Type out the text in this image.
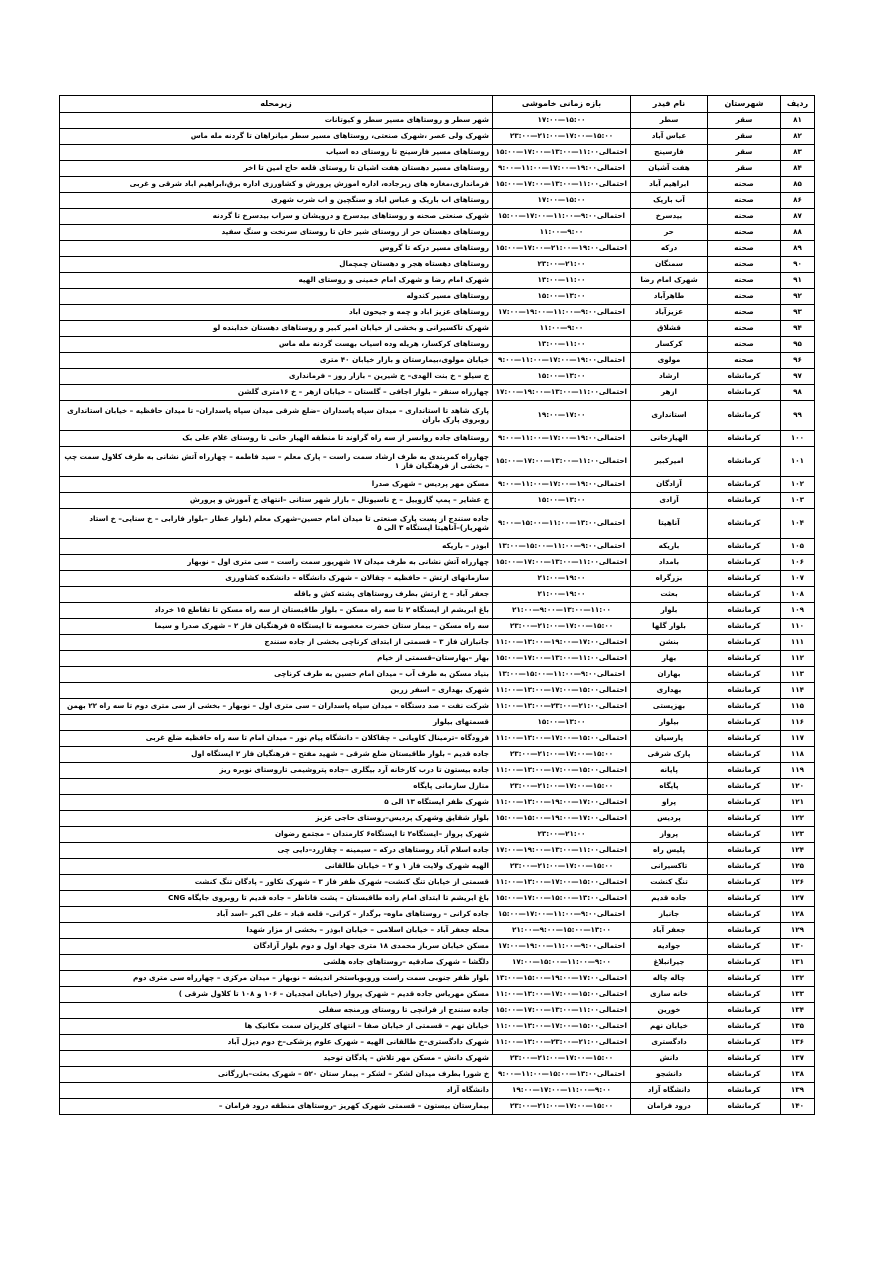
ردیف	شهرستان	نام فیدر	بازه زمانی خاموشی	زیرمحله
۸۱	سقر	سطر	۱۵:۰۰—۱۷:۰۰	شهر سطر و روستاهای مسیر سطر و کیوتانات
۸۲	سقر	عباس آباد	۱۵:۰۰—۱۷:۰۰—۲۱:۰۰—۲۳:۰۰	شهرک ولی عصر ،شهرک صنعتی، روستاهای مسیر سطر میانراهان تا گردنه مله ماس
۸۳	سقر	فارسینج	احتمالی۱۱:۰۰—۱۳:۰۰—۱۷:۰۰—۱۵:۰۰	روستاهای مسیر فارسینج تا روستای ده اسیاب
۸۴	سقر	هفت آشیان	احتمالی۱۹:۰۰—۱۷:۰۰—۱۱:۰۰—۹:۰۰	روستاهای مسیر دهستان هفت اشیان تا روستای قلعه حاج امین تا اخر
۸۵	صحنه	ابراهیم آباد	احتمالی۱۱:۰۰—۱۳:۰۰—۱۷:۰۰—۱۵:۰۰	فرمانداری،مغازه های زیرجاده، اداره اموزش پرورش و کشاورزی اداره برق،ابراهیم اباد شرقی و غربی
۸۶	صحنه	آب باریک	۱۵:۰۰—۱۷:۰۰	روستاهای اب باریک و عباس اباد و سنگچین و اب شرب شهری
۸۷	صحنه	بیدسرخ	احتمالی۹:۰۰—۱۱:۰۰—۱۷:۰۰—۱۵:۰۰	شهرک صنعتی صحنه و روستاهای بیدسرخ و درویشان و سراب بیدسرخ تا گردنه
۸۸	صحنه	حر	۹:۰۰—۱۱:۰۰	روستاهای دهستان حر از روستای شیر خان تا روستای سرنخت و سنگ سفید
۸۹	صحنه	درکه	احتمالی۱۹:۰۰—۲۱:۰۰—۱۷:۰۰—۱۵:۰۰	روستاهای مسیر درکه تا گروس
۹۰	صحنه	سمنگان	۲۱:۰۰—۲۳:۰۰	روستاهای دهستاه هجر و دهستان چمچمال
۹۱	صحنه	شهرک امام رضا	۱۱:۰۰—۱۳:۰۰	شهرک امام رضا و شهرک امام خمینی و روستای الهیه
۹۲	صحنه	طاهرآباد	۱۳:۰۰—۱۵:۰۰	روستاهای مسیر کندوله
۹۳	صحنه	عزیزآباد	احتمالی۹:۰۰—۱۱:۰۰—۱۹:۰۰—۱۷:۰۰	روستاهای عزیز اباد و چمه و جیحون اباد
۹۴	صحنه	قشلاق	۹:۰۰—۱۱:۰۰	شهرک تاکسیرانی و بخشی از خیابان امیر کبیر و روستاهای دهستان خدابنده لو
۹۵	صحنه	کرکسار	۱۱:۰۰—۱۳:۰۰	روستاهای کرکسار، هریله وده اسیاب بهست گردنه مله ماس
۹۶	صحنه	مولوی	احتمالی۱۹:۰۰—۱۷:۰۰—۱۱:۰۰—۹:۰۰	خیابان مولوی،بیمارستان و بازار خیابان ۴۰ متری
۹۷	کرمانشاه	ارشاد	۱۳:۰۰—۱۵:۰۰	خ سیلو – خ بنت الهدی– خ شیرین – بازار روز – فرمانداری
۹۸	کرمانشاه	ازهر	احتمالی۱۱:۰۰—۱۳:۰۰—۱۹:۰۰—۱۷:۰۰	چهارراه سنقر – بلوار اجاقی – گلستان – خیابان ازهر – خ ۱۶متری گلشن
۹۹	کرمانشاه	استانداری	۱۷:۰۰—۱۹:۰۰	پارک شاهد تا استانداری – میدان سپاه پاسداران –ضلع شرقی میدان سپاه پاسداران– تا میدان حافظیه – خیابان استانداری روبروی پارک باران
۱۰۰	کرمانشاه	الهیارخانی	احتمالی۱۹:۰۰—۱۷:۰۰—۱۱:۰۰—۹:۰۰	روستاهای جاده روانسر از سه راه گراوند تا منطقه الهیار خانی تا روستای غلام علی بک
۱۰۱	کرمانشاه	امیرکبیر	احتمالی۱۱:۰۰—۱۳:۰۰—۱۷:۰۰—۱۵:۰۰	چهارراه کمربندی به طرف ارشاد سمت راست – پارک معلم – سید فاطمه – چهارراه آتش نشانی به طرف کلاول سمت چپ – بخشی از فرهنگیان فاز ۱
۱۰۲	کرمانشاه	آزادگان	احتمالی۱۹:۰۰—۱۷:۰۰—۱۱:۰۰—۹:۰۰	مسکن مهر پردیس – شهرک صدرا
۱۰۳	کرمانشاه	آزادی	۱۳:۰۰—۱۵:۰۰	خ عشایر – پمپ گازوییل – خ ناسیونال – بازار شهر ستانی –انتهای خ آموزش و پرورش
۱۰۴	کرمانشاه	آناهیتا	احتمالی۱۳:۰۰—۱۱:۰۰—۱۵:۰۰—۹:۰۰	جاده سنندج از پست پارک صنعتی تا میدان امام حسین–شهرک معلم (بلوار عطار –بلوار فارابی – خ سنایی– خ استاد شهریار)–آناهیتا ایستگاه ۳ الی ۵
۱۰۵	کرمانشاه	باریکه	احتمالی۹:۰۰—۱۱:۰۰—۱۵:۰۰—۱۳:۰۰	ابوذر – باریکه
۱۰۶	کرمانشاه	بامداد	احتمالی۱۱:۰۰—۱۳:۰۰—۱۷:۰۰—۱۵:۰۰	چهارراه آتش نشانی به طرف میدان ۱۷ شهریور سمت راست – سی متری اول – نوبهار
۱۰۷	کرمانشاه	بزرگراه	۱۹:۰۰—۲۱:۰۰	سازمانهای ارتش – حافظیه – چقالان – شهرک دانشگاه – دانشکده کشاورزی
۱۰۸	کرمانشاه	بعثت	۱۹:۰۰—۲۱:۰۰	جعفر آباد – خ ارتش بطرف روستاهای پشته کش و باقله
۱۰۹	کرمانشاه	بلوار	۱۱:۰۰—۱۳:۰۰—۹:۰۰—۲۱:۰۰	باغ ابریشم از ایستگاه ۲ تا سه راه مسکن – بلوار طاقبستان از سه راه مسکن تا تقاطع ۱۵ خرداد
۱۱۰	کرمانشاه	بلوار گلها	۱۵:۰۰—۱۷:۰۰—۲۱:۰۰—۲۳:۰۰	سه راه مسکن – بیمار ستان حضرت معصومه تا ایستگاه ۵ فرهنگیان فاز ۲ – شهرک صدرا و سیما
۱۱۱	کرمانشاه	بنشن	احتمالی۱۷:۰۰—۱۹:۰۰—۱۳:۰۰—۱۱:۰۰	جانبازان فاز ۳ – قسمتی از ابتدای کرناچی بخشی از جاده سنندج
۱۱۲	کرمانشاه	بهار	احتمالی۱۱:۰۰—۱۳:۰۰—۱۷:۰۰—۱۵:۰۰	بهار –بهارستان–قسمتی از خیام
۱۱۳	کرمانشاه	بهاران	احتمالی۹:۰۰—۱۱:۰۰—۱۵:۰۰—۱۳:۰۰	بنیاد مسکن به طرف آب – میدان امام حسین به طرف کرناچی
۱۱۴	کرمانشاه	بهداری	احتمالی۱۵:۰۰—۱۷:۰۰—۱۳:۰۰—۱۱:۰۰	شهرک بهداری – اسفر زرین
۱۱۵	کرمانشاه	بهزیستی	احتمالی۲۱:۰۰—۲۳:۰۰—۱۳:۰۰—۱۱:۰۰	شرکت نفت – صد دستگاه – میدان سپاه پاسداران – سی متری اول – نوبهار – بخشی از سی متری دوم تا سه راه ۲۲ بهمن
۱۱۶	کرمانشاه	بیلوار	۱۳:۰۰—۱۵:۰۰	قسمتهای بیلوار
۱۱۷	کرمانشاه	پارسیان	احتمالی۱۵:۰۰—۱۷:۰۰—۱۳:۰۰—۱۱:۰۰	فرودگاه –ترمینال کاویانی – چقاکلان – دانشگاه پیام نور – میدان امام تا سه راه حافظیه ضلع غربی
۱۱۸	کرمانشاه	پارک شرقی	۱۵:۰۰—۱۷:۰۰—۲۱:۰۰—۲۳:۰۰	جاده قدیم – بلوار طاقبستان ضلع شرقی – شهید مفتح – فرهنگیان فاز ۲ ایستگاه اول
۱۱۹	کرمانشاه	پایانه	احتمالی۱۵:۰۰—۱۷:۰۰—۱۳:۰۰—۱۱:۰۰	جاده بیستون تا درب کارخانه آرد بیگلری –جاده پتروشیمی تاروستای نوبره ریز
۱۲۰	کرمانشاه	پایگاه	۱۵:۰۰—۱۷:۰۰—۲۱:۰۰—۲۳:۰۰	منازل سازمانی پایگاه
۱۲۱	کرمانشاه	پراو	احتمالی۱۷:۰۰—۱۹:۰۰—۱۳:۰۰—۱۱:۰۰	شهرک ظفر ایستگاه ۱۳ الی ۵
۱۲۲	کرمانشاه	پردیس	احتمالی۱۷:۰۰—۱۹:۰۰—۱۵:۰۰—۱۵:۰۰	بلوار شقایق وشهرک پردیس–روستای حاجی عزیز
۱۲۳	کرمانشاه	پرواز	۲۱:۰۰—۲۳:۰۰	شهرک پرواز –ایستگاه۲ تا ایستگاه۶ کارمندان – مجتمع رضوان
۱۲۴	کرمانشاه	پلیس راه	احتمالی۱۱:۰۰—۱۳:۰۰—۱۹:۰۰—۱۷:۰۰	جاده اسلام آباد روستاهای درکه – سیمینه – چقازرد–دایی چی
۱۲۵	کرمانشاه	تاکسیرانی	۱۵:۰۰—۱۷:۰۰—۲۱:۰۰—۲۳:۰۰	الهیه شهرک ولایت فاز ۱ و ۲ – خیابان طالقانی
۱۲۶	کرمانشاه	تنگ کنشت	احتمالی۱۵:۰۰—۱۷:۰۰—۱۳:۰۰—۱۱:۰۰	قسمتی از خیابان تنگ کنشت– شهرک ظفر فاز ۳ – شهرک تکاور – پادگان تنگ کنشت
۱۲۷	کرمانشاه	جاده قدیم	احتمالی۱۳:۰۰—۱۵:۰۰—۱۷:۰۰—۱۵:۰۰	باغ ابریشم تا ابتدای امام زاده طاقبستان – پشت فاناظر – جاده قدیم تا روبروی جایگاه CNG
۱۲۸	کرمانشاه	جانباز	احتمالی۹:۰۰—۱۱:۰۰—۱۷:۰۰—۱۵:۰۰	جاده کرانی – روستاهای ماوه– برگدار – کرانی– قلعه قباد – علی اکبر –اسد آباد
۱۲۹	کرمانشاه	جعفر آباد	۱۳:۰۰—۱۵:۰۰—۹:۰۰—۲۱:۰۰	محله جعفر آباد – خیابان اسلامی – خیابان ابوذر – بخشی از مزار شهدا
۱۳۰	کرمانشاه	جوادیه	احتمالی۹:۰۰—۱۱:۰۰—۱۹:۰۰—۱۷:۰۰	مسکن خیابان سرباز محمدی ۱۸ متری جهاد اول و دوم بلوار آزادگان
۱۳۱	کرمانشاه	جیرانبلاغ	۹:۰۰—۱۱:۰۰—۱۵:۰۰—۱۷:۰۰	دلگشا – شهرک صادقیه –روستاهای جاده هلشی
۱۳۲	کرمانشاه	چاله چاله	احتمالی۱۷:۰۰—۱۹:۰۰—۱۵:۰۰—۱۳:۰۰	بلوار ظفر جنوبی سمت راست وروبوباستخر اندیشه – نوبهار – میدان مرکزی – چهارراه سی متری دوم
۱۳۳	کرمانشاه	خانه سازی	احتمالی۱۵:۰۰—۱۷:۰۰—۱۳:۰۰—۱۱:۰۰	مسکن مهریاس جاده قدیم – شهرک پرواز (خیابان امجدیان – ۱۰۶ و ۱۰۸ تا کلاول شرقی )
۱۳۴	کرمانشاه	خورین	احتمالی۱۱:۰۰—۱۳:۰۰—۱۷:۰۰—۱۵:۰۰	جاده سنندج از فرانچی تا روستای ورمنجه سفلی
۱۳۵	کرمانشاه	خیابان نهم	احتمالی۱۵:۰۰—۱۷:۰۰—۱۳:۰۰—۱۱:۰۰	خیابان نهم – قسمتی از خیابان صفا – انتهای کلریزان سمت مکانیک ها
۱۳۶	کرمانشاه	دادگستری	احتمالی۲۱:۰۰—۲۳:۰۰—۱۳:۰۰—۱۱:۰۰	شهرک دادگستری–خ طالقانی الهیه – شهرک علوم پزشکی–خ دوم دیزل آباد
۱۳۷	کرمانشاه	دانش	۱۵:۰۰—۱۷:۰۰—۲۱:۰۰—۲۳:۰۰	شهرک دانش – مسکن مهر تلاش – پادگان توحید
۱۳۸	کرمانشاه	دانشجو	احتمالی۱۳:۰۰—۱۵:۰۰—۱۱:۰۰—۹:۰۰	خ شورا بطرف میدان لشکر – لشکر – بیمار ستان ۵۲۰ – شهرک بعثت–بازرگانی
۱۳۹	کرمانشاه	دانشگاه آزاد	۹:۰۰—۱۱:۰۰—۱۷:۰۰—۱۹:۰۰	دانشگاه آزاد
۱۴۰	کرمانشاه	درود فرامان	۱۵:۰۰—۱۷:۰۰—۲۱:۰۰—۲۳:۰۰	بیمارستان بیستون – قسمتی شهرک کهریز –روستاهای منطقه درود فرامان –
